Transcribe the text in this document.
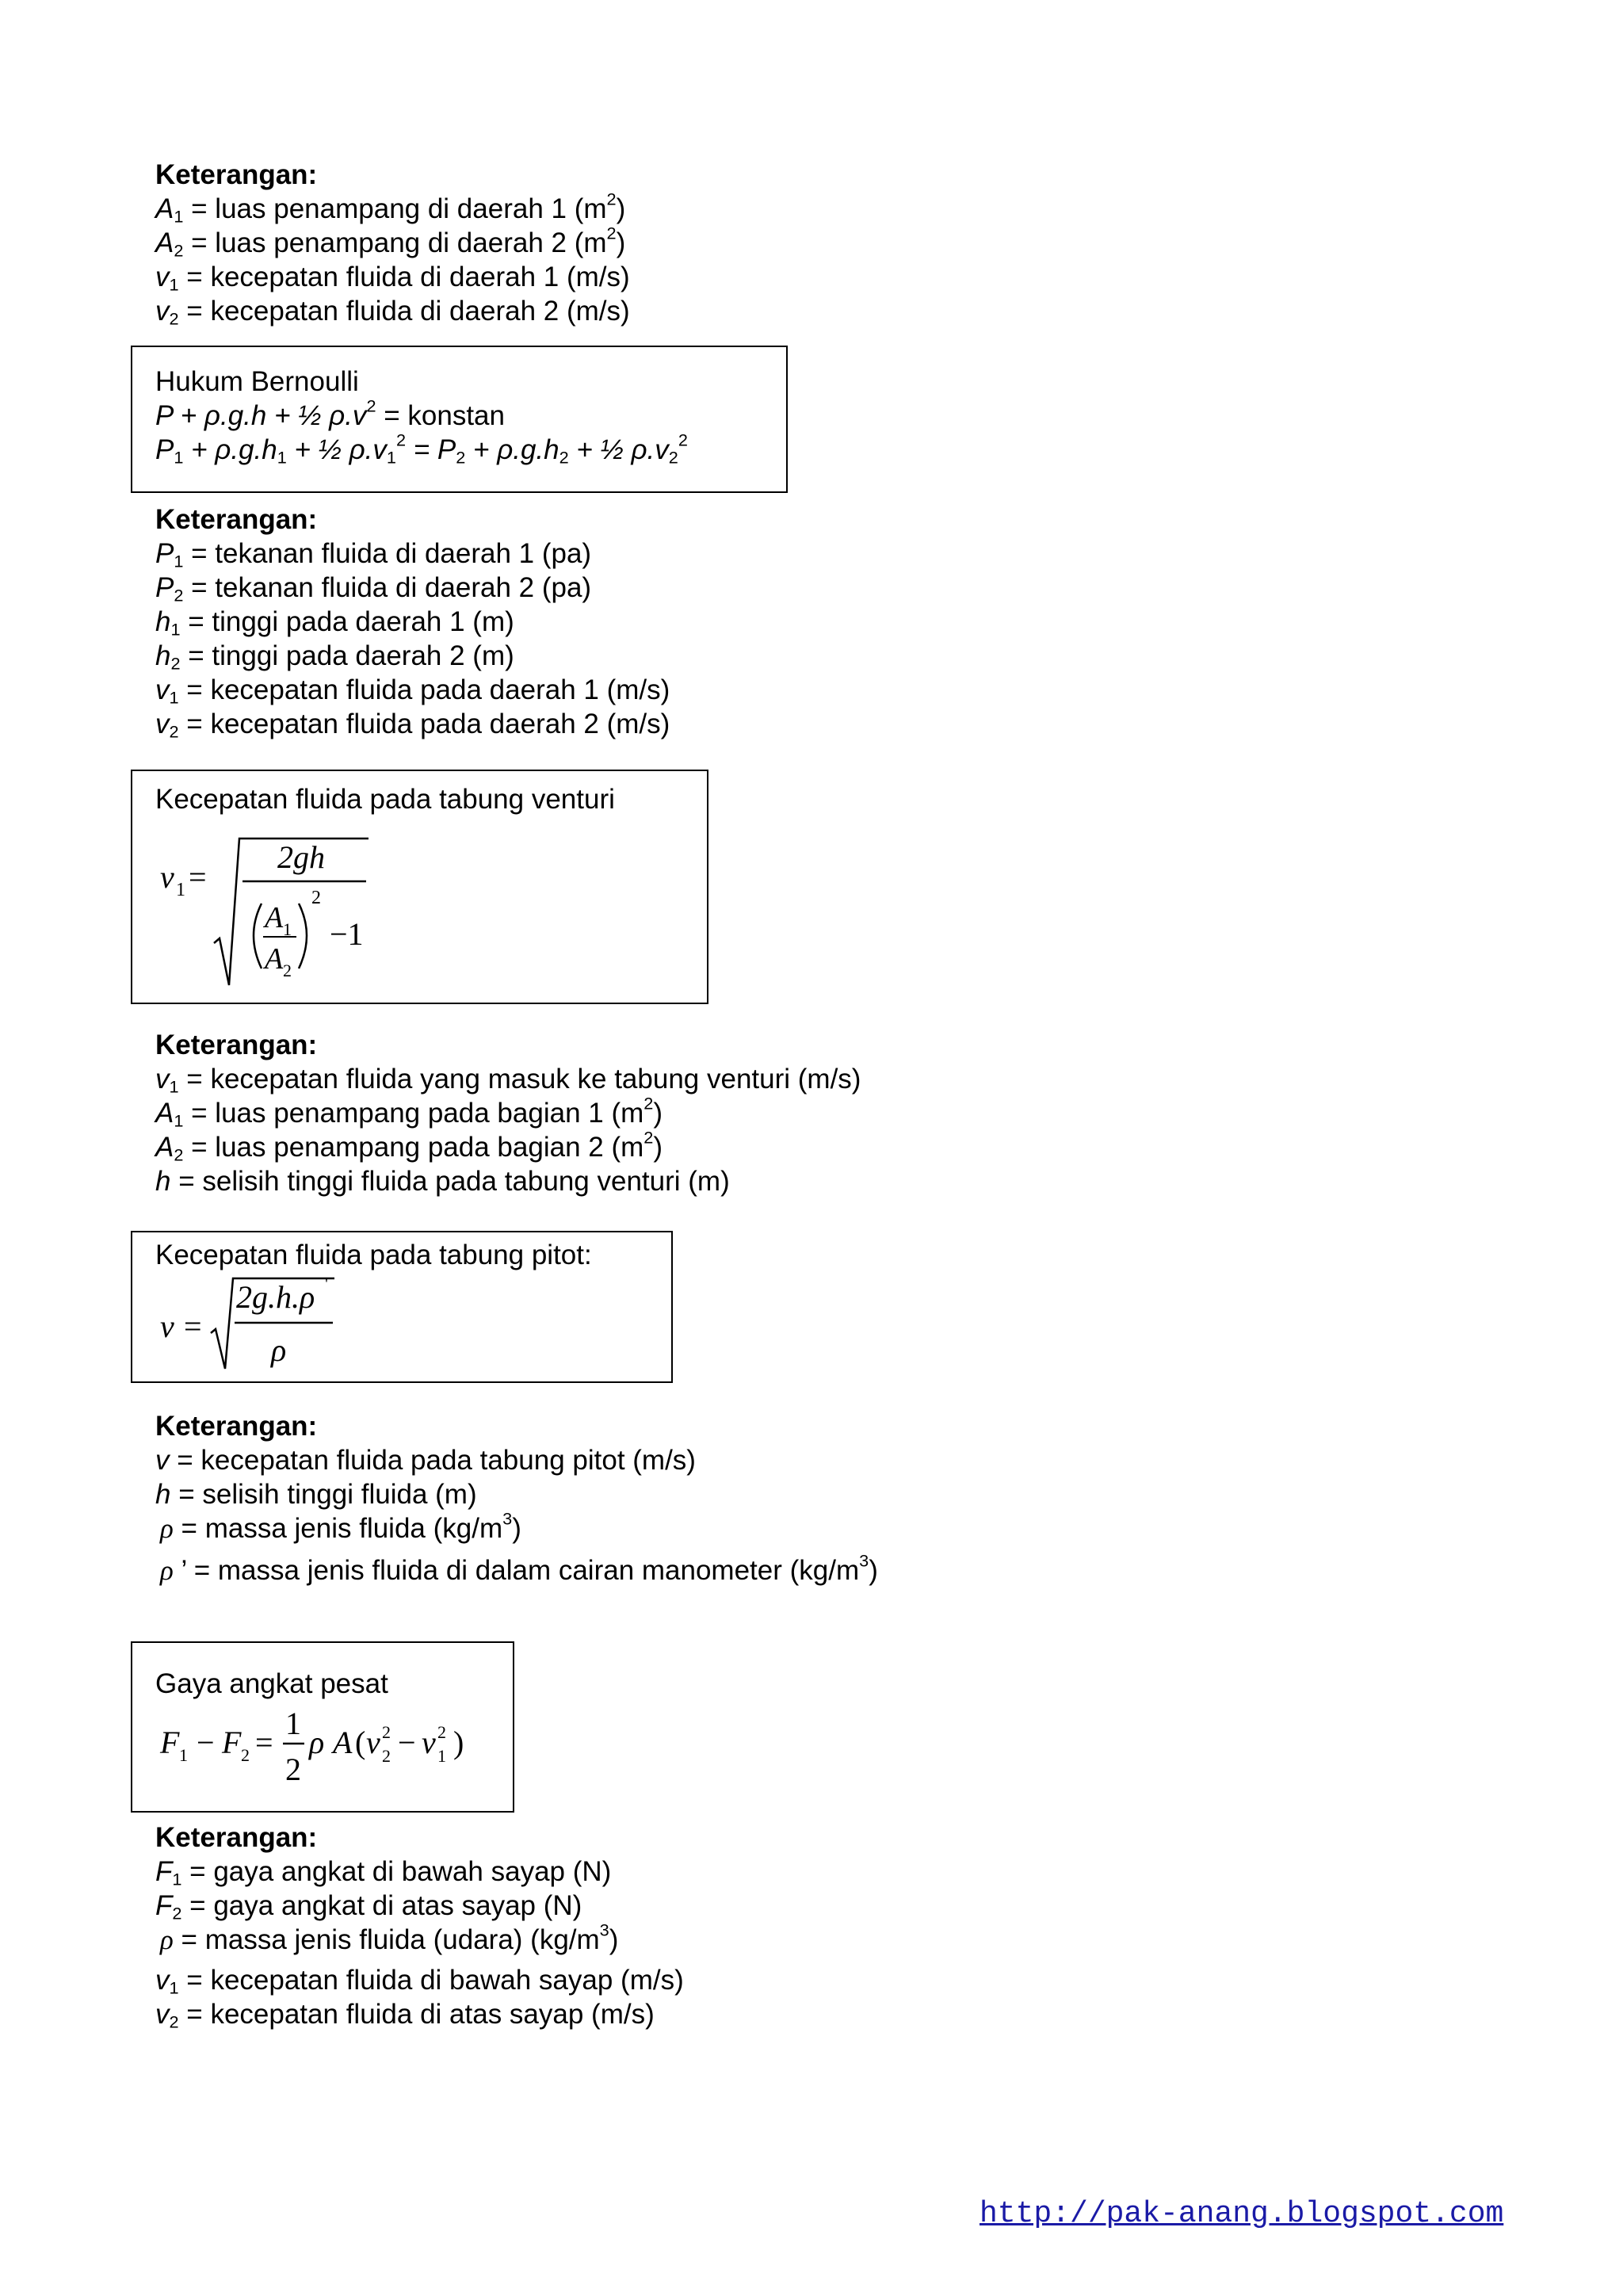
Keterangan:
$A_1$ = luas penampang di daerah 1 $(m^2)$
$A_2$ = luas penampang di daerah 2 $(m^2)$
$v_1$ = kecepatan fluida di daerah 1 (m/s)
$v_2$ = kecepatan fluida di daerah 2 (m/s)
Hukum Bernoulli
P + ρ.g.h + ½ $\rho.v^2$ = konstan
$P_1 + \rho.g.h_1$ + ½ $\rho.v_1^2 = P_2 + \rho.g.h_2$ + ½ $\rho.v_2^2$
Keterangan:
$P_1$ = tekanan fluida di daerah 1 (pa)
$P_2$ = tekanan fluida di daerah 2 (pa)
$h_1$ = tinggi pada daerah 1 (m)
$h_2$ = tinggi pada daerah 2 (m)
$v_1$ = kecepatan fluida pada daerah 1 (m/s)
$v_2$ = kecepatan fluida pada daerah 2 (m/s)
Kecepatan fluida pada tabung venturi
v 1 =
2gh
A 1
A 2
2
−1
Keterangan:
$v_1$ = kecepatan fluida yang masuk ke tabung venturi (m/s)
$A_1$ = luas penampang pada bagian 1 $(m^2)$
$A_2$ = luas penampang pada bagian 2 $(m^2)$
h = selisih tinggi fluida pada tabung venturi (m)
Kecepatan fluida pada tabung pitot:
v =
2g.h.ρ '
ρ
Keterangan:
v = kecepatan fluida pada tabung pitot (m/s)
h = selisih tinggi fluida (m)
ρ = massa jenis fluida $(kg/m^3)$
ρ ’ = massa jenis fluida di dalam cairan manometer $(kg/m^3)$
Gaya angkat pesat
F 1 − F 2 =
1
2
ρ A ( v 2
2 − v 2
1 )
Keterangan:
$F_1$ = gaya angkat di bawah sayap (N)
$F_2$ = gaya angkat di atas sayap (N)
ρ = massa jenis fluida (udara) $(kg/m^3)$
$v_1$ = kecepatan fluida di bawah sayap (m/s)
$v_2$ = kecepatan fluida di atas sayap (m/s)
http://pak-anang.blogspot.com
